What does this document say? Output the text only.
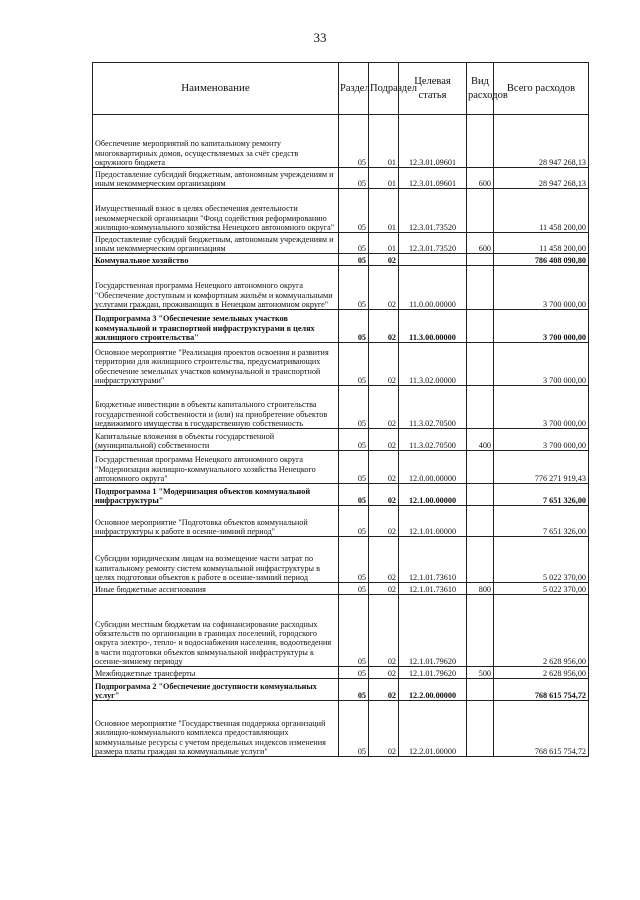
33
Наименование	Раздел	Подраздел	Целевая статья	Вид расходов	Всего расходов
Обеспечение мероприятий по капитальному ремонту многоквартирных домов, осуществляемых за счёт средств окружного бюджета	05	01	12.3.01.09601		28 947 268,13
Предоставление субсидий бюджетным, автономным учреждениям и иным некоммерческим организациям	05	01	12.3.01.09601	600	28 947 268,13
Имущественный взнос в целях обеспечения деятельности некоммерческой организации "Фонд содействия реформированию жилищно-коммунального хозяйства Ненецкого автономного округа"	05	01	12.3.01.73520		11 458 200,00
Предоставление субсидий бюджетным, автономным учреждениям и иным некоммерческим организациям	05	01	12.3.01.73520	600	11 458 200,00
Коммунальное хозяйство	05	02			786 408 090,80
Государственная программа Ненецкого автономного округа "Обеспечение доступным и комфортным жильём и коммунальными услугами граждан, проживающих в Ненецком автономном округе"	05	02	11.0.00.00000		3 700 000,00
Подпрограмма 3 "Обеспечение земельных участков коммунальной и транспортной инфраструктурами в целях жилищного строительства"	05	02	11.3.00.00000		3 700 000,00
Основное мероприятие "Реализация проектов освоения и развития территории для жилищного строительства, предусматривающих обеспечение земельных участков коммунальной и транспортной инфраструктурами"	05	02	11.3.02.00000		3 700 000,00
Бюджетные инвестиции в объекты капитального строительства государственной собственности и (или) на приобретение объектов недвижимого имущества в государственную собственность	05	02	11.3.02.70500		3 700 000,00
Капитальные вложения в объекты государственной (муниципальной) собственности	05	02	11.3.02.70500	400	3 700 000,00
Государственная программа Ненецкого автономного округа "Модернизация жилищно-коммунального хозяйства Ненецкого автономного округа"	05	02	12.0.00.00000		776 271 919,43
Подпрограмма 1 "Модернизация объектов коммунальной инфраструктуры"	05	02	12.1.00.00000		7 651 326,00
Основное мероприятие "Подготовка объектов коммунальной инфраструктуры к работе в осенне-зимний период"	05	02	12.1.01.00000		7 651 326,00
Субсидии юридическим лицам на возмещение части затрат по капитальному ремонту систем коммунальной инфраструктуры в целях подготовки объектов к работе в осенне-зимний период	05	02	12.1.01.73610		5 022 370,00
Иные бюджетные ассигнования	05	02	12.1.01.73610	800	5 022 370,00
Субсидии местным бюджетам на софинансирование расходных обязательств по организации в границах поселений, городского округа электро-, тепло- и водоснабжения населения, водоотведения в части подготовки объектов коммунальной инфраструктуры к осенне-зимнему периоду	05	02	12.1.01.79620		2 628 956,00
Межбюджетные трансферты	05	02	12.1.01.79620	500	2 628 956,00
Подпрограмма 2 "Обеспечение доступности коммунальных услуг"	05	02	12.2.00.00000		768 615 754,72
Основное мероприятие "Государственная поддержка организаций жилищно-коммунального комплекса предоставляющих коммунальные ресурсы с учетом предельных индексов изменения размера платы граждан за коммунальные услуги"	05	02	12.2.01.00000		768 615 754,72
